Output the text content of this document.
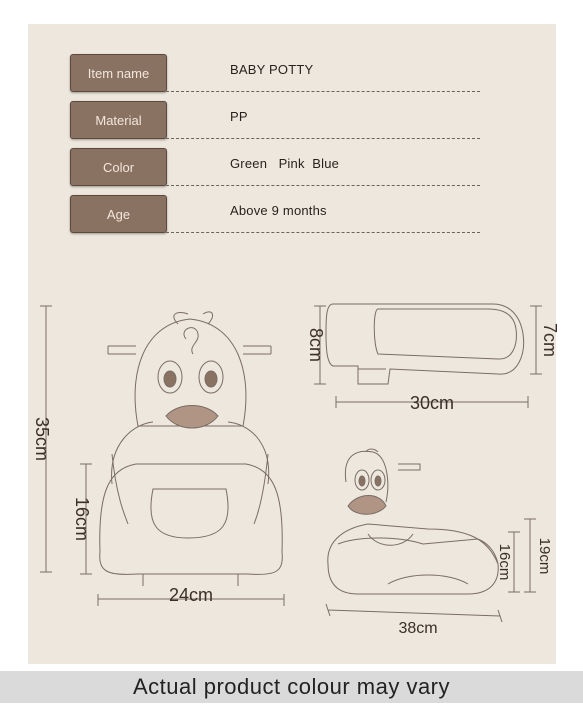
Item name	BABY POTTY
Material	PP
Color	Green   Pink  Blue
Age	Above 9 months
35cm
16cm
24cm
8cm	7cm
30cm
19cm
16cm
38cm
Actual product colour may vary
